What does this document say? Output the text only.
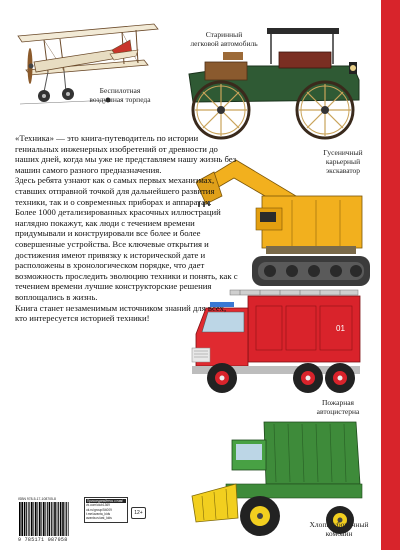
Беспилотная
воздушная торпеда
Старинный
легковой автомобиль
Гусеничный
карьерный
экскаватор
01
Пожарная
автоцистерна
Хлопкоуборочный
комбайн

«Техника» — это книга-путеводитель по истории гениальных инженерных изобретений от древности до наших дней, когда мы уже не представляем нашу жизнь без машин самого разного предназначения.

Здесь ребята узнают как о самых первых механизмах, ставших отправной точкой для дальнейшего развития техники, так и о современных приборах и аппаратах.

Более 1000 детализированных красочных иллюстраций наглядно покажут, как люди с течением времени придумывали и конструировали все более и более совершенные устройства. Все ключевые открытия и достижения имеют привязку к исторической дате и расположены в хронологическом порядке, что дает возможность проследить эволюцию техники и понять, как с течением времени лучшие конструкторские решения воплощались в жизнь.

Книга станет незаменимым источником знаний для всех, кто интересуется историей техники!

ISBN 978-5-17-108705-8
9 785171 087058
Присоединяйтесь к нам!
vk.com/club1369
ok.ru/group/54009
t.me/avanta_kids
avanta.ru/ast_kids
12+
